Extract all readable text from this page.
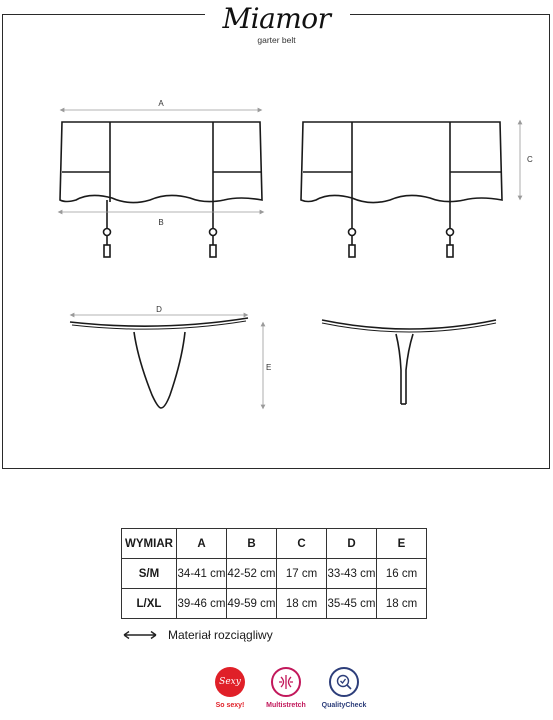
Miamor
garter belt
A
B
C
D
E
WYMIAR	A	B	C	D	E
S/M	34-41 cm	42-52 cm	17 cm	33-43 cm	16 cm
L/XL	39-46 cm	49-59 cm	18 cm	35-45 cm	18 cm
Materiał rozciągliwy
Sexy
So sexy!	Multistretch	QualityCheck
